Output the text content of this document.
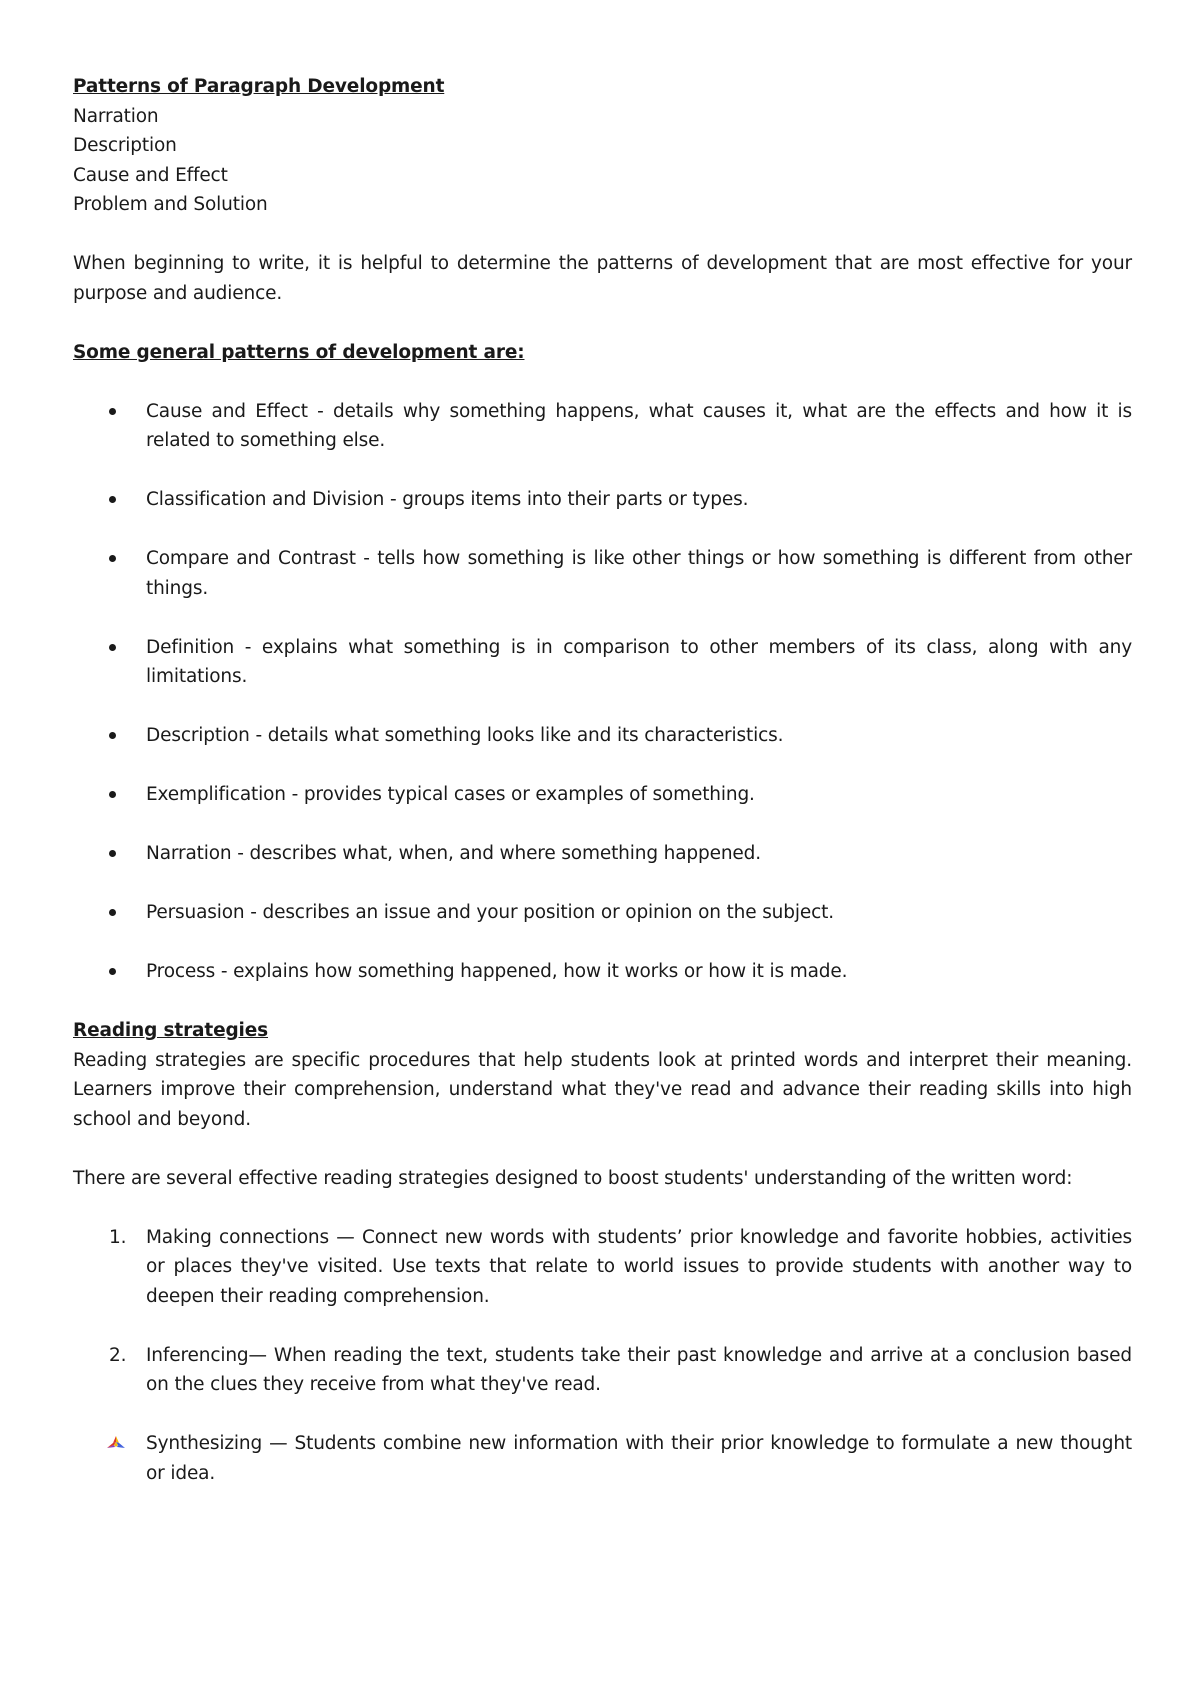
Patterns of Paragraph Development
Narration
Description
Cause and Effect
Problem and Solution
When beginning to write, it is helpful to determine the patterns of development that are most effective for your purpose and audience.
Some general patterns of development are:
Cause and Effect - details why something happens, what causes it, what are the effects and how it is related to something else.
Classification and Division - groups items into their parts or types.
Compare and Contrast - tells how something is like other things or how something is different from other things.
Definition - explains what something is in comparison to other members of its class, along with any limitations.
Description - details what something looks like and its characteristics.
Exemplification - provides typical cases or examples of something.
Narration - describes what, when, and where something happened.
Persuasion - describes an issue and your position or opinion on the subject.
Process - explains how something happened, how it works or how it is made.
Reading strategies
Reading strategies are specific procedures that help students look at printed words and interpret their meaning. Learners improve their comprehension, understand what they've read and advance their reading skills into high school and beyond.
There are several effective reading strategies designed to boost students' understanding of the written word:
1. Making connections — Connect new words with students’ prior knowledge and favorite hobbies, activities or places they've visited. Use texts that relate to world issues to provide students with another way to deepen their reading comprehension.
2. Inferencing— When reading the text, students take their past knowledge and arrive at a conclusion based on the clues they receive from what they've read.
Synthesizing — Students combine new information with their prior knowledge to formulate a new thought or idea.
